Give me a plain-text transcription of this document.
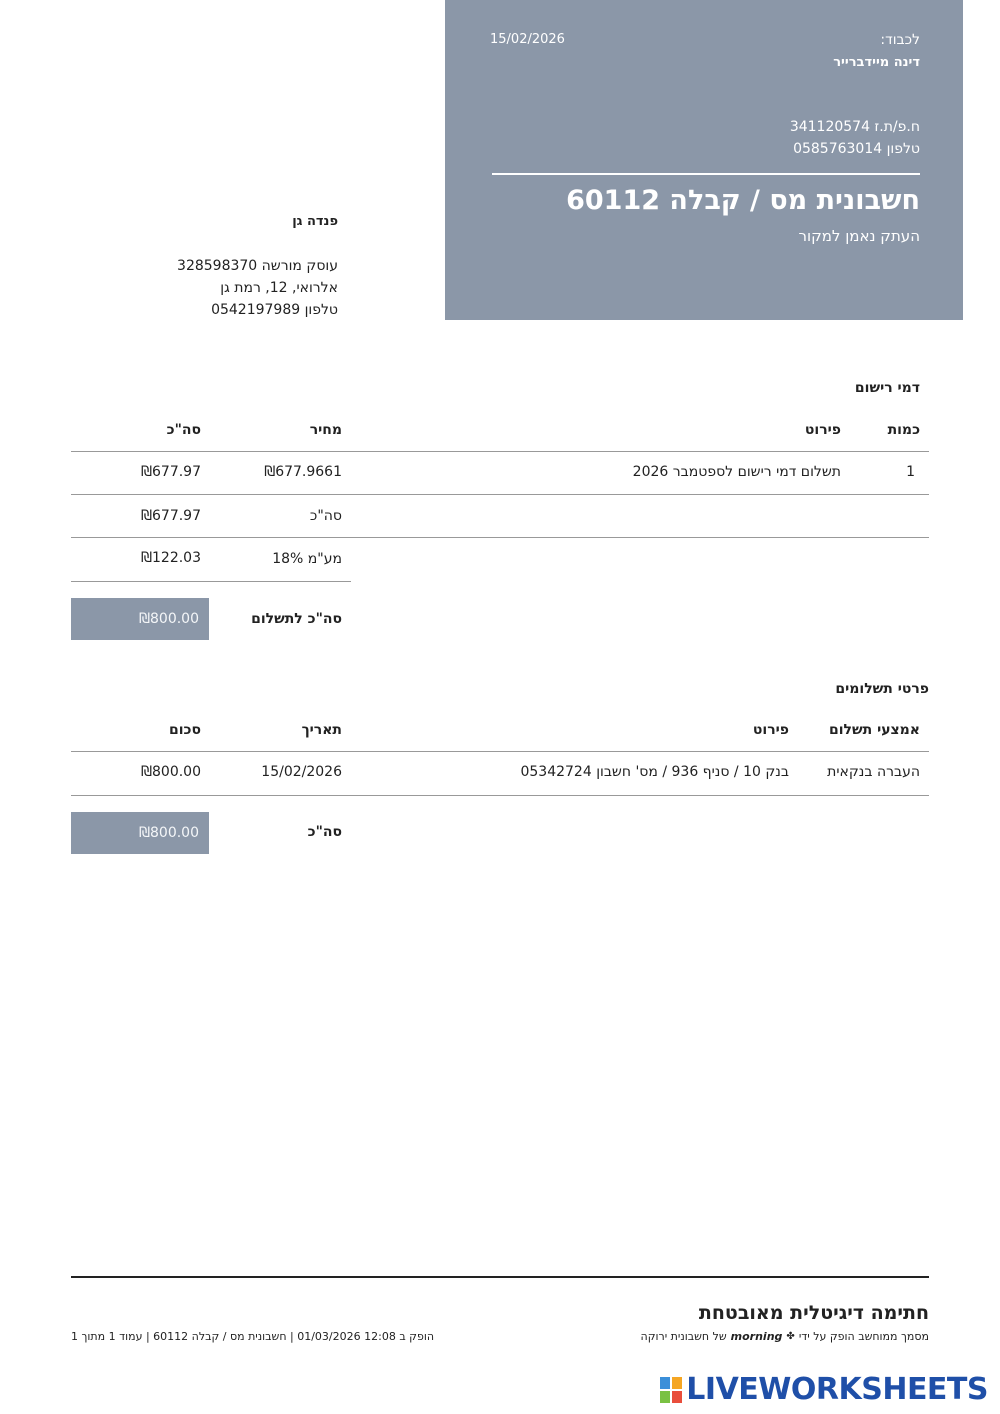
לכבוד:
דינה מיידברייר
15/02/2026
ח.פ/ת.ז 341120574
טלפון 0585763014
חשבונית מס / קבלה 60112
העתק נאמן למקור
פנדה גן
עוסק מורשה 328598370
אלרואי, 12, רמת גן
טלפון 0542197989
דמי רישום
כמות
פירוט
מחיר
סה"כ
1
תשלום דמי רישום לספטמבר 2026
₪677.9661
₪677.97
סה"כ
₪677.97
מע"מ 18%
₪122.03
סה"כ לתשלום
₪800.00
פרטי תשלומים
אמצעי תשלום
פירוט
תאריך
סכום
העברה בנקאית
בנק 10 / סניף 936 / מס' חשבון 05342724
15/02/2026
₪800.00
סה"כ
₪800.00
חתימה דיגיטלית מאובטחת
מסמך ממוחשב הופק על ידי
✤
morning
של חשבונית ירוקה
הופק ב 12:08 01/03/2026 | חשבונית מס / קבלה 60112 | עמוד 1 מתוך 1
LIVEWORKSHEETS
